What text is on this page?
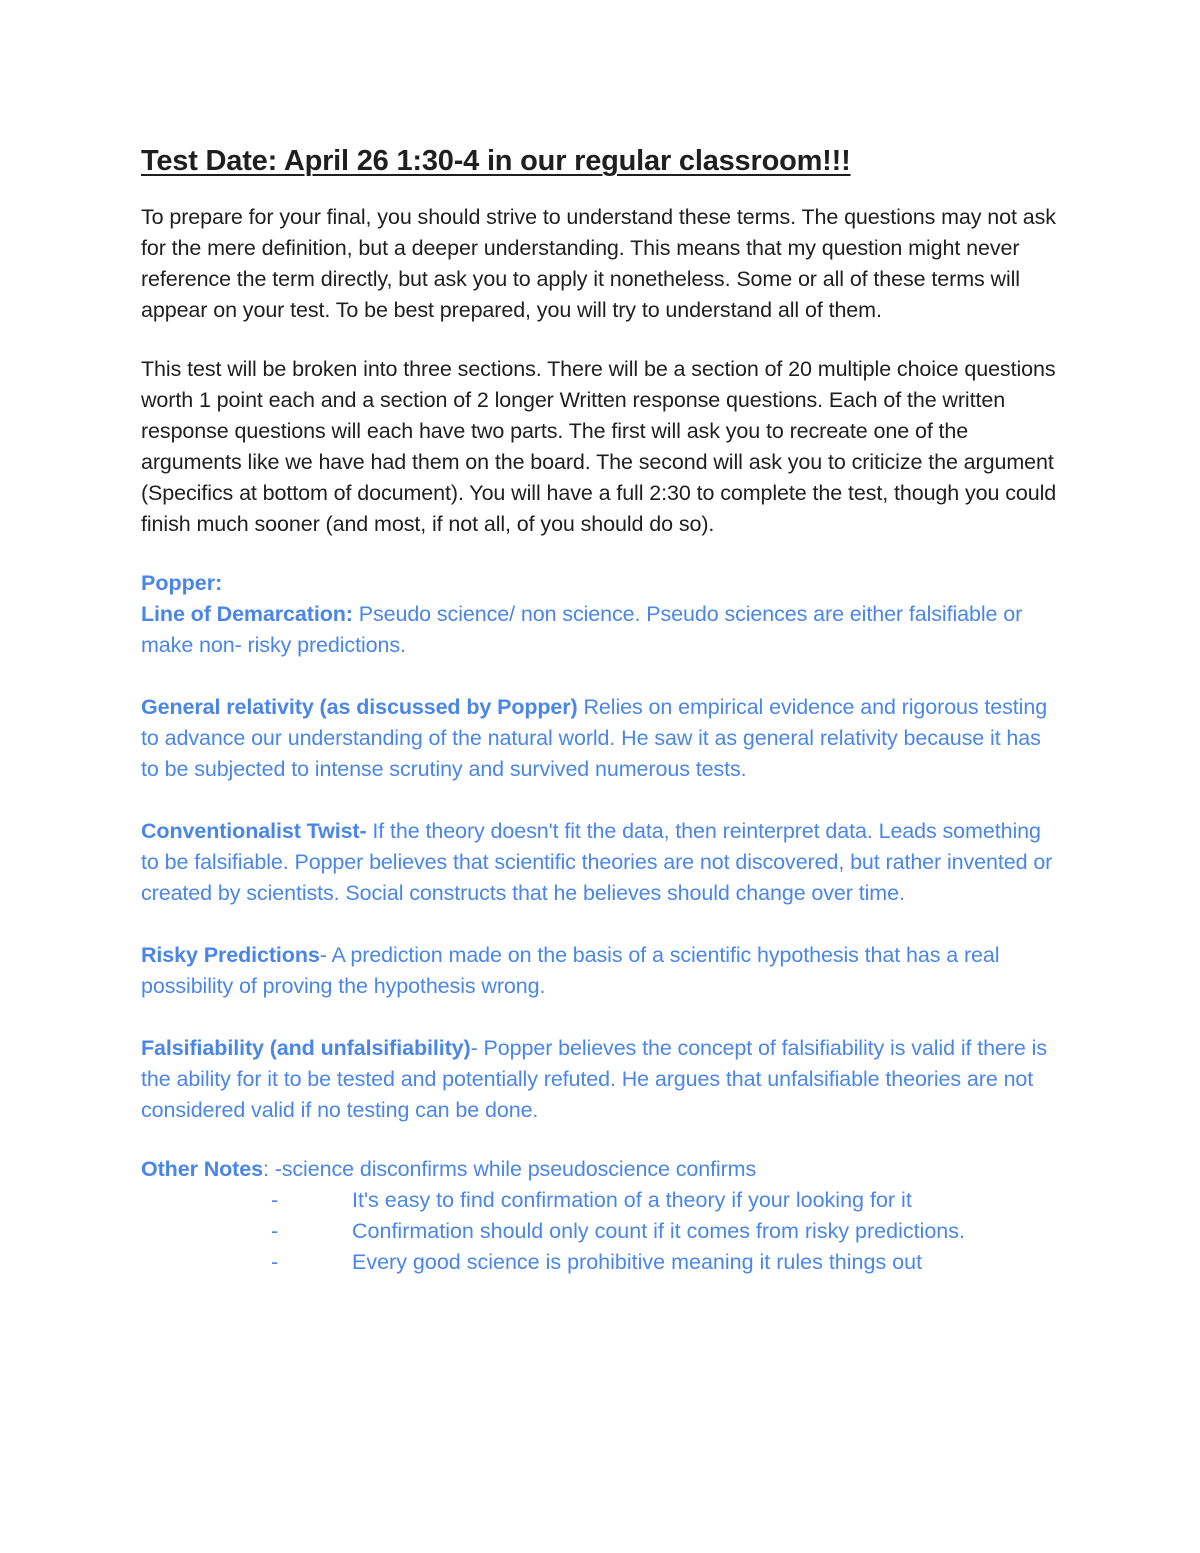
Test Date: April 26 1:30-4 in our regular classroom!!!

To prepare for your final, you should strive to understand these terms. The questions may not ask for the mere definition, but a deeper understanding. This means that my question might never reference the term directly, but ask you to apply it nonetheless. Some or all of these terms will appear on your test. To be best prepared, you will try to understand all of them.

This test will be broken into three sections. There will be a section of 20 multiple choice questions worth 1 point each and a section of 2 longer Written response questions. Each of the written response questions will each have two parts. The first will ask you to recreate one of the arguments like we have had them on the board. The second will ask you to criticize the argument (Specifics at bottom of document). You will have a full 2:30 to complete the test, though you could finish much sooner (and most, if not all, of you should do so).

Popper:

Line of Demarcation: Pseudo science/ non science. Pseudo sciences are either falsifiable or make non- risky predictions.

General relativity (as discussed by Popper) Relies on empirical evidence and rigorous testing to advance our understanding of the natural world. He saw it as general relativity because it has to be subjected to intense scrutiny and survived numerous tests.

Conventionalist Twist- If the theory doesn't fit the data, then reinterpret data. Leads something to be falsifiable. Popper believes that scientific theories are not discovered, but rather invented or created by scientists. Social constructs that he believes should change over time.

Risky Predictions- A prediction made on the basis of a scientific hypothesis that has a real possibility of proving the hypothesis wrong.

Falsifiability (and unfalsifiability)- Popper believes the concept of falsifiability is valid if there is the ability for it to be tested and potentially refuted. He argues that unfalsifiable theories are not considered valid if no testing can be done.

Other Notes: -science disconfirms while pseudoscience confirms
-	It's easy to find confirmation of a theory if your looking for it
-	Confirmation should only count if it comes from risky predictions.
-	Every good science is prohibitive meaning it rules things out
